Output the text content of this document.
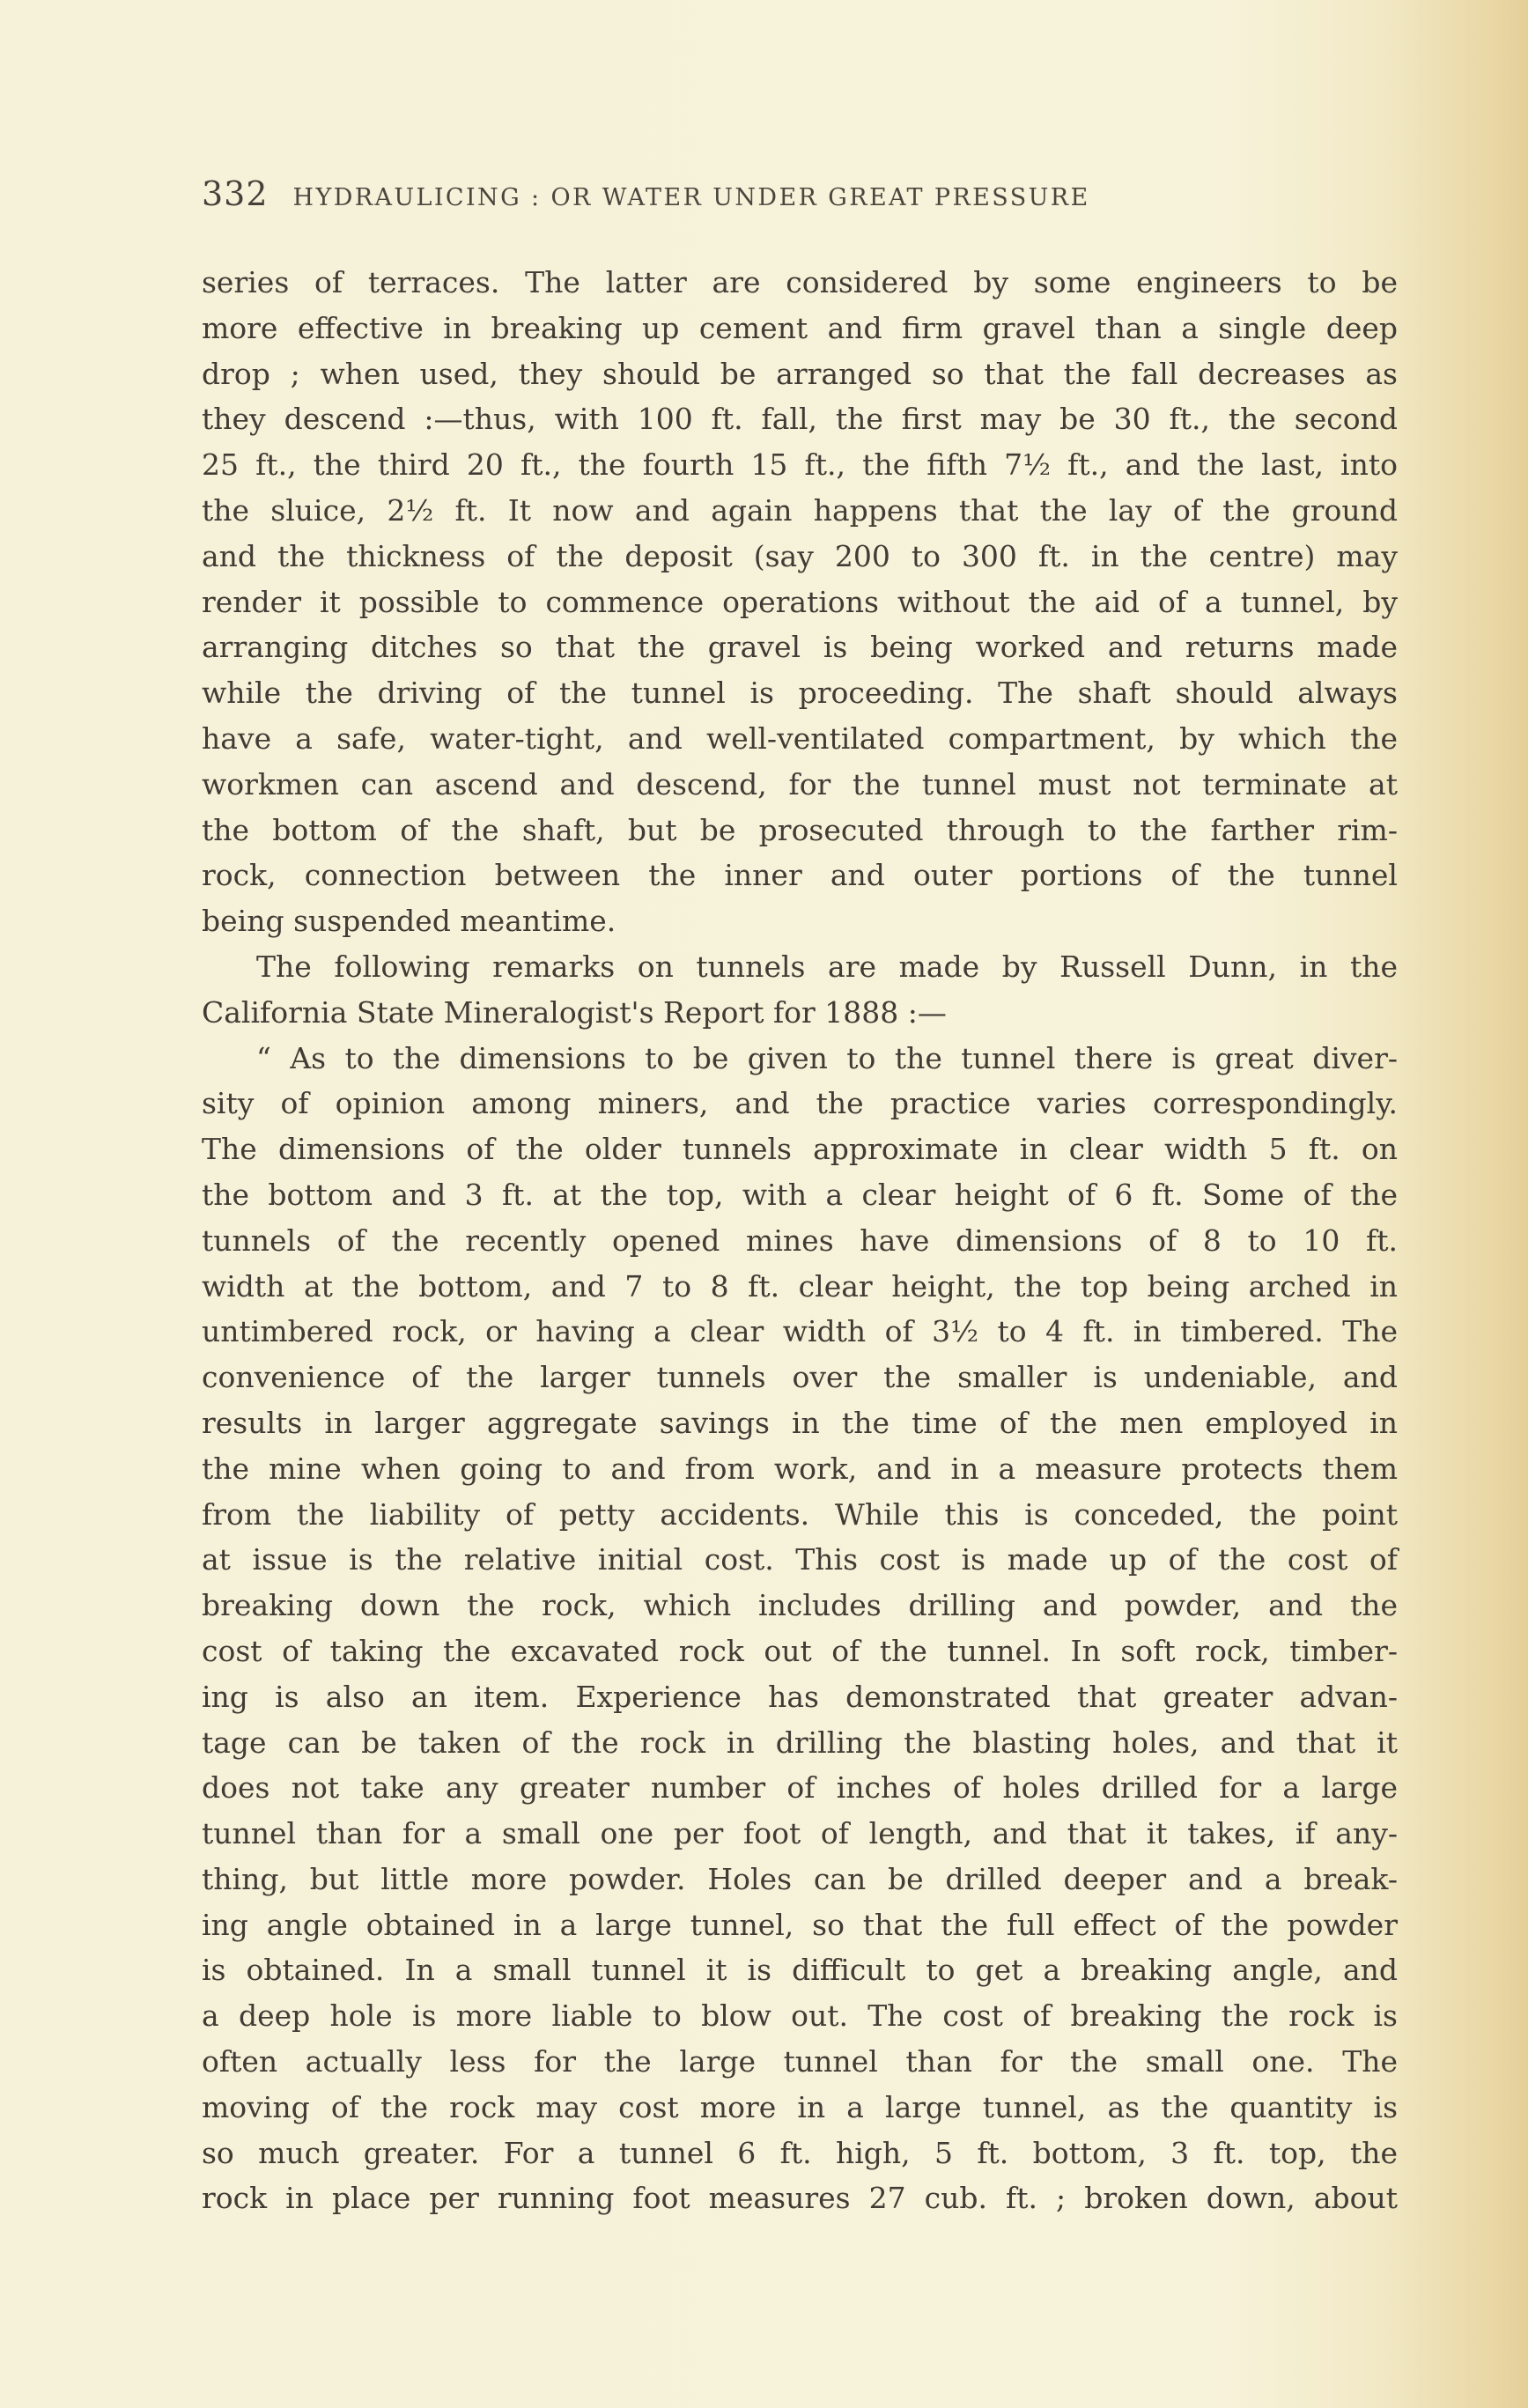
332 HYDRAULICING : OR WATER UNDER GREAT PRESSURE
series of terraces. The latter are considered by some engineers to be
more effective in breaking up cement and firm gravel than a single deep
drop ; when used, they should be arranged so that the fall decreases as
they descend :—thus, with 100 ft. fall, the first may be 30 ft., the second
25 ft., the third 20 ft., the fourth 15 ft., the fifth 7½ ft., and the last, into
the sluice, 2½ ft. It now and again happens that the lay of the ground
and the thickness of the deposit (say 200 to 300 ft. in the centre) may
render it possible to commence operations without the aid of a tunnel, by
arranging ditches so that the gravel is being worked and returns made
while the driving of the tunnel is proceeding. The shaft should always
have a safe, water-tight, and well-ventilated compartment, by which the
workmen can ascend and descend, for the tunnel must not terminate at
the bottom of the shaft, but be prosecuted through to the farther rim-
rock, connection between the inner and outer portions of the tunnel
being suspended meantime.
The following remarks on tunnels are made by Russell Dunn, in the
California State Mineralogist's Report for 1888 :—
“ As to the dimensions to be given to the tunnel there is great diver-
sity of opinion among miners, and the practice varies correspondingly.
The dimensions of the older tunnels approximate in clear width 5 ft. on
the bottom and 3 ft. at the top, with a clear height of 6 ft. Some of the
tunnels of the recently opened mines have dimensions of 8 to 10 ft.
width at the bottom, and 7 to 8 ft. clear height, the top being arched in
untimbered rock, or having a clear width of 3½ to 4 ft. in timbered. The
convenience of the larger tunnels over the smaller is undeniable, and
results in larger aggregate savings in the time of the men employed in
the mine when going to and from work, and in a measure protects them
from the liability of petty accidents. While this is conceded, the point
at issue is the relative initial cost. This cost is made up of the cost of
breaking down the rock, which includes drilling and powder, and the
cost of taking the excavated rock out of the tunnel. In soft rock, timber-
ing is also an item. Experience has demonstrated that greater advan-
tage can be taken of the rock in drilling the blasting holes, and that it
does not take any greater number of inches of holes drilled for a large
tunnel than for a small one per foot of length, and that it takes, if any-
thing, but little more powder. Holes can be drilled deeper and a break-
ing angle obtained in a large tunnel, so that the full effect of the powder
is obtained. In a small tunnel it is difficult to get a breaking angle, and
a deep hole is more liable to blow out. The cost of breaking the rock is
often actually less for the large tunnel than for the small one. The
moving of the rock may cost more in a large tunnel, as the quantity is
so much greater. For a tunnel 6 ft. high, 5 ft. bottom, 3 ft. top, the
rock in place per running foot measures 27 cub. ft. ; broken down, about
